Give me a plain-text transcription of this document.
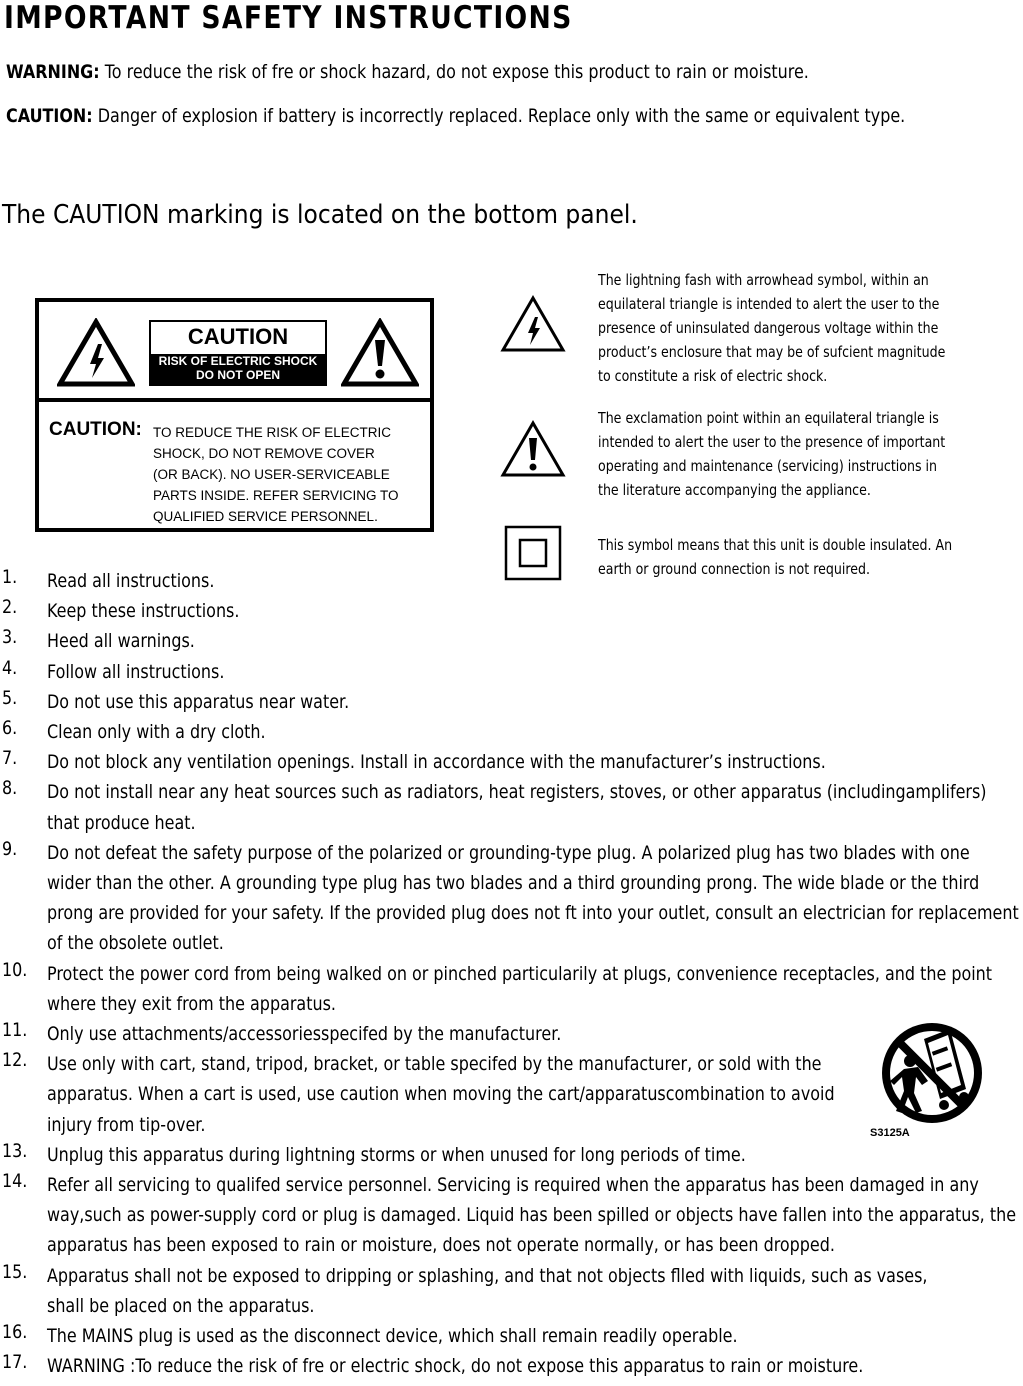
IMPORTANT SAFETY INSTRUCTIONS
WARNING: To reduce the risk of fre or shock hazard, do not expose this product to rain or moisture.
CAUTION: Danger of explosion if battery is incorrectly replaced. Replace only with the same or equivalent type.
The CAUTION marking is located on the bottom panel.
CAUTION
RISK OF ELECTRIC SHOCK
DO NOT OPEN
CAUTION: TO REDUCE THE RISK OF ELECTRIC
SHOCK, DO NOT REMOVE COVER
(OR BACK). NO USER-SERVICEABLE
PARTS INSIDE. REFER SERVICING TO
QUALIFIED SERVICE PERSONNEL.
The lightning fash with arrowhead symbol, within an
equilateral triangle is intended to alert the user to the
presence of uninsulated dangerous voltage within the
product’s enclosure that may be of sufcient magnitude
to constitute a risk of electric shock.
The exclamation point within an equilateral triangle is
intended to alert the user to the presence of important
operating and maintenance (servicing) instructions in
the literature accompanying the appliance.
This symbol means that this unit is double insulated. An
earth or ground connection is not required.
1. Read all instructions.
2. Keep these instructions.
3. Heed all warnings.
4. Follow all instructions.
5. Do not use this apparatus near water.
6. Clean only with a dry cloth.
7. Do not block any ventilation openings. Install in accordance with the manufacturer’s instructions.
8. Do not install near any heat sources such as radiators, heat registers, stoves, or other apparatus (includingamplifers)
that produce heat.
9. Do not defeat the safety purpose of the polarized or grounding-type plug. A polarized plug has two blades with one
wider than the other. A grounding type plug has two blades and a third grounding prong. The wide blade or the third
prong are provided for your safety. If the provided plug does not ft into your outlet, consult an electrician for replacement
of the obsolete outlet.
10. Protect the power cord from being walked on or pinched particularily at plugs, convenience receptacles, and the point
where they exit from the apparatus.
11. Only use attachments/accessoriesspecifed by the manufacturer.
12. Use only with cart, stand, tripod, bracket, or table specifed by the manufacturer, or sold with the
apparatus. When a cart is used, use caution when moving the cart/apparatuscombination to avoid
injury from tip-over.
13. Unplug this apparatus during lightning storms or when unused for long periods of time.
14. Refer all servicing to qualifed service personnel. Servicing is required when the apparatus has been damaged in any
way,such as power-supply cord or plug is damaged. Liquid has been spilled or objects have fallen into the apparatus, the
apparatus has been exposed to rain or moisture, does not operate normally, or has been dropped.
15. Apparatus shall not be exposed to dripping or splashing, and that not objects flled with liquids, such as vases,
shall be placed on the apparatus.
16. The MAINS plug is used as the disconnect device, which shall remain readily operable.
17. WARNING :To reduce the risk of fre or electric shock, do not expose this apparatus to rain or moisture.
S3125A
